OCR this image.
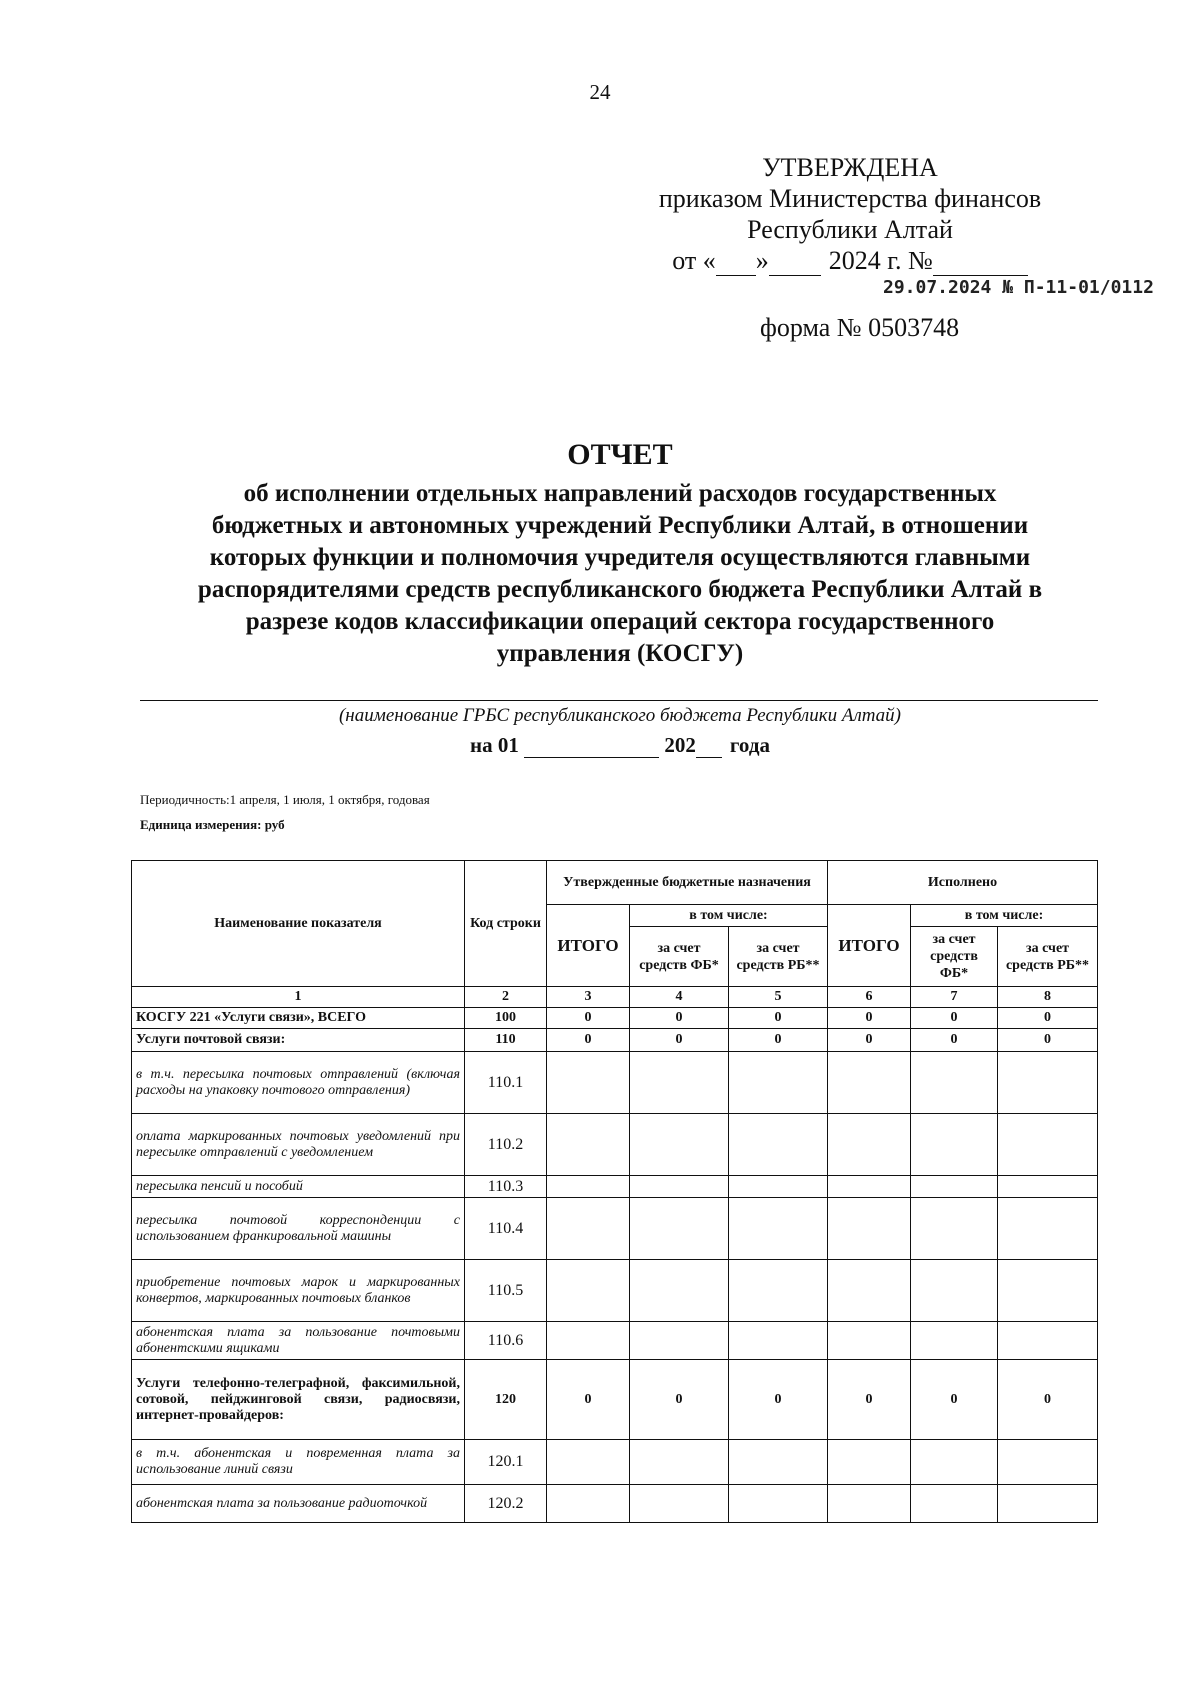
24
УТВЕРЖДЕНА
приказом Министерства финансов
Республики Алтай
от « » 2024 г. №
29.07.2024 № П-11-01/0112
форма № 0503748
ОТЧЕТ
об исполнении отдельных направлений расходов государственных
бюджетных и автономных учреждений Республики Алтай, в отношении
которых функции и полномочия учредителя осуществляются главными
распорядителями средств республиканского бюджета Республики Алтай в
разрезе кодов классификации операций сектора государственного
управления (КОСГУ)
(наименование ГРБС республиканского бюджета Республики Алтай)
на 01	202 года
Периодичность:1 апреля, 1 июля, 1 октября, годовая
Единица измерения: руб
Наименование показателя	Код строки	Утвержденные бюджетные назначения			Исполнено		
		ИТОГО	в том числе:		ИТОГО	в том числе:	
			за счет средств ФБ*	за счет средств РБ**		за счет средств ФБ*	за счет средств РБ**
1	2	3	4	5	6	7	8
КОСГУ 221 «Услуги связи», ВСЕГО	100	0	0	0	0	0	0
Услуги почтовой связи:	110	0	0	0	0	0	0
в т.ч. пересылка почтовых отправлений (включая расходы на упаковку почтового отправления)	110.1						
оплата маркированных почтовых уведомлений при пересылке отправлений с уведомлением	110.2						
пересылка пенсий и пособий	110.3						
пересылка почтовой корреспонденции с использованием франкировальной машины	110.4						
приобретение почтовых марок и маркированных конвертов, маркированных почтовых бланков	110.5						
абонентская плата за пользование почтовыми абонентскими ящиками	110.6						
Услуги телефонно-телеграфной, факсимильной, сотовой, пейджинговой связи, радиосвязи, интернет-провайдеров:	120	0	0	0	0	0	0
в т.ч. абонентская и повременная плата за использование линий связи	120.1						
абонентская плата за пользование радиоточкой	120.2						
